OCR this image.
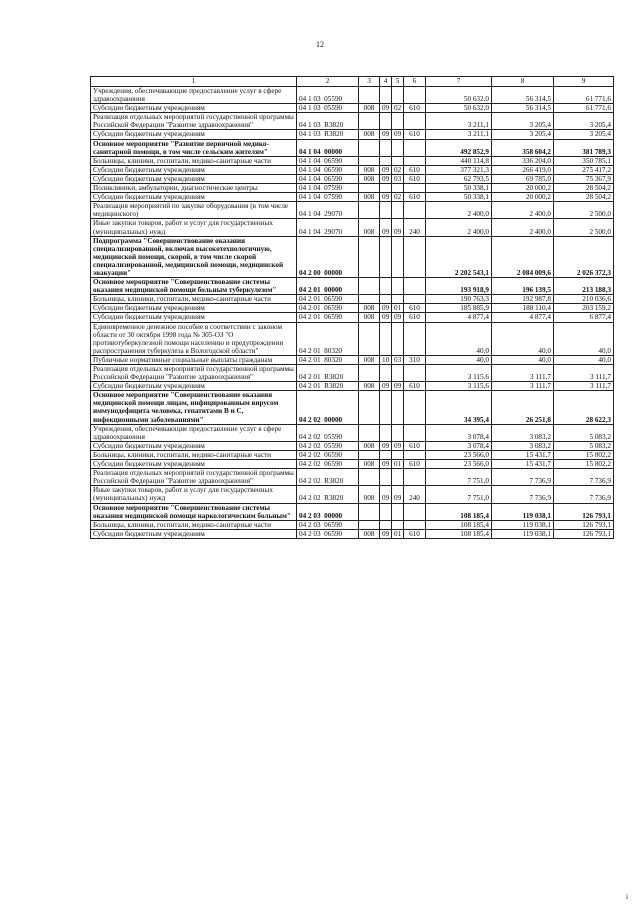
12
1	2	3	4	5	6	7	8	9
Учреждения, обеспечивающие предоставление услуг в сфере здравоохранения	04 1 03  05590					50 632,0	56 314,5	61 771,6
Субсидии бюджетным учреждениям	04 1 03  05590	008	09	02	610	50 632,0	56 314,5	61 771,6
Реализация отдельных мероприятий государственной программы Российской Федерации "Развитие здравоохранения"	04 1 03  R3820					3 211,1	3 205,4	3 205,4
Субсидии бюджетным учреждениям	04 1 03  R3820	008	09	09	610	3 211,1	3 205,4	3 205,4
Основное мероприятие "Развитие первичной медико-санитарной помощи, в том числе сельским жителям"	04 1 04  00000					492 852,9	358 604,2	381 789,3
Больницы, клиники, госпитали, медико-санитарные части	04 1 04  06590					440 114,8	336 204,0	350 785,1
Субсидии бюджетным учреждениям	04 1 04  06590	008	09	02	610	377 321,3	266 419,0	275 417,2
Субсидии бюджетным учреждениям	04 1 04  06590	008	09	03	610	62 793,5	69 785,0	75 367,9
Поликлиники, амбулатории, диагностические центры	04 1 04  07590					50 338,1	20 000,2	28 504,2
Субсидии бюджетным учреждениям	04 1 04  07590	008	09	02	610	50 338,1	20 000,2	28 504,2
Реализация мероприятий по закупке оборудования (в том числе медицинского)	04 1 04  29070					2 400,0	2 400,0	2 500,0
Иные закупки товаров, работ и услуг для государственных (муниципальных) нужд	04 1 04  29070	008	09	09	240	2 400,0	2 400,0	2 500,0
Подпрограмма "Совершенствование оказания специализированной, включая высокотехнологичную, медицинской помощи, скорой, в том числе скорой специализированной, медицинской помощи, медицинской эвакуации"	04 2 00  00000					2 202 543,1	2 084 009,6	2 026 372,3
Основное мероприятие "Совершенствование системы оказания медицинской помощи больным туберкулезом"	04 2 01  00000					193 918,9	196 139,5	213 188,3
Больницы, клиники, госпитали, медико-санитарные части	04 2 01  06590					190 763,3	192 987,8	210 036,6
Субсидии бюджетным учреждениям	04 2 01  06590	008	09	01	610	185 885,9	188 110,4	203 159,2
Субсидии бюджетным учреждениям	04 2 01  06590	008	09	09	610	4 877,4	4 877,4	6 877,4
Единовременное денежное пособие в соответствии с законом области от 30 октября 1998 года № 305-ОЗ "О противотуберкулезной помощи населению и предупреждении распространения туберкулеза в Вологодской области"	04 2 01  80320					40,0	40,0	40,0
Публичные нормативные социальные выплаты гражданам	04 2 01  80320	008	10	03	310	40,0	40,0	40,0
Реализация отдельных мероприятий государственной программы Российской Федерации "Развитие здравоохранения"	04 2 01  R3820					3 115,6	3 111,7	3 111,7
Субсидии бюджетным учреждениям	04 2 01  R3820	008	09	09	610	3 115,6	3 111,7	3 111,7
Основное мероприятие "Совершенствование оказания медицинской помощи лицам, инфицированным вирусом иммунодефицита человека, гепатитами В и С, инфекционными заболеваниями"	04 2 02  00000					34 395,4	26 251,8	28 622,3
Учреждения, обеспечивающие предоставление услуг в сфере здравоохранения	04 2 02  05590					3 078,4	3 083,2	5 083,2
Субсидии бюджетным учреждениям	04 2 02  05590	008	09	09	610	3 078,4	3 083,2	5 083,2
Больницы, клиники, госпитали, медико-санитарные части	04 2 02  06590					23 566,0	15 431,7	15 802,2
Субсидии бюджетным учреждениям	04 2 02  06590	008	09	01	610	23 566,0	15 431,7	15 802,2
Реализация отдельных мероприятий государственной программы Российской Федерации "Развитие здравоохранения"	04 2 02  R3820					7 751,0	7 736,9	7 736,9
Иные закупки товаров, работ и услуг для государственных (муниципальных) нужд	04 2 02  R3820	008	09	09	240	7 751,0	7 736,9	7 736,9
Основное мероприятие "Совершенствование системы оказания медицинской помощи наркологическим больным"	04 2 03  00000					108 185,4	119 038,1	126 793,1
Больницы, клиники, госпитали, медико-санитарные части	04 2 03  06590					108 185,4	119 038,1	126 793,1
Субсидии бюджетным учреждениям	04 2 03  06590	008	09	01	610	108 185,4	119 038,1	126 793,1
i
